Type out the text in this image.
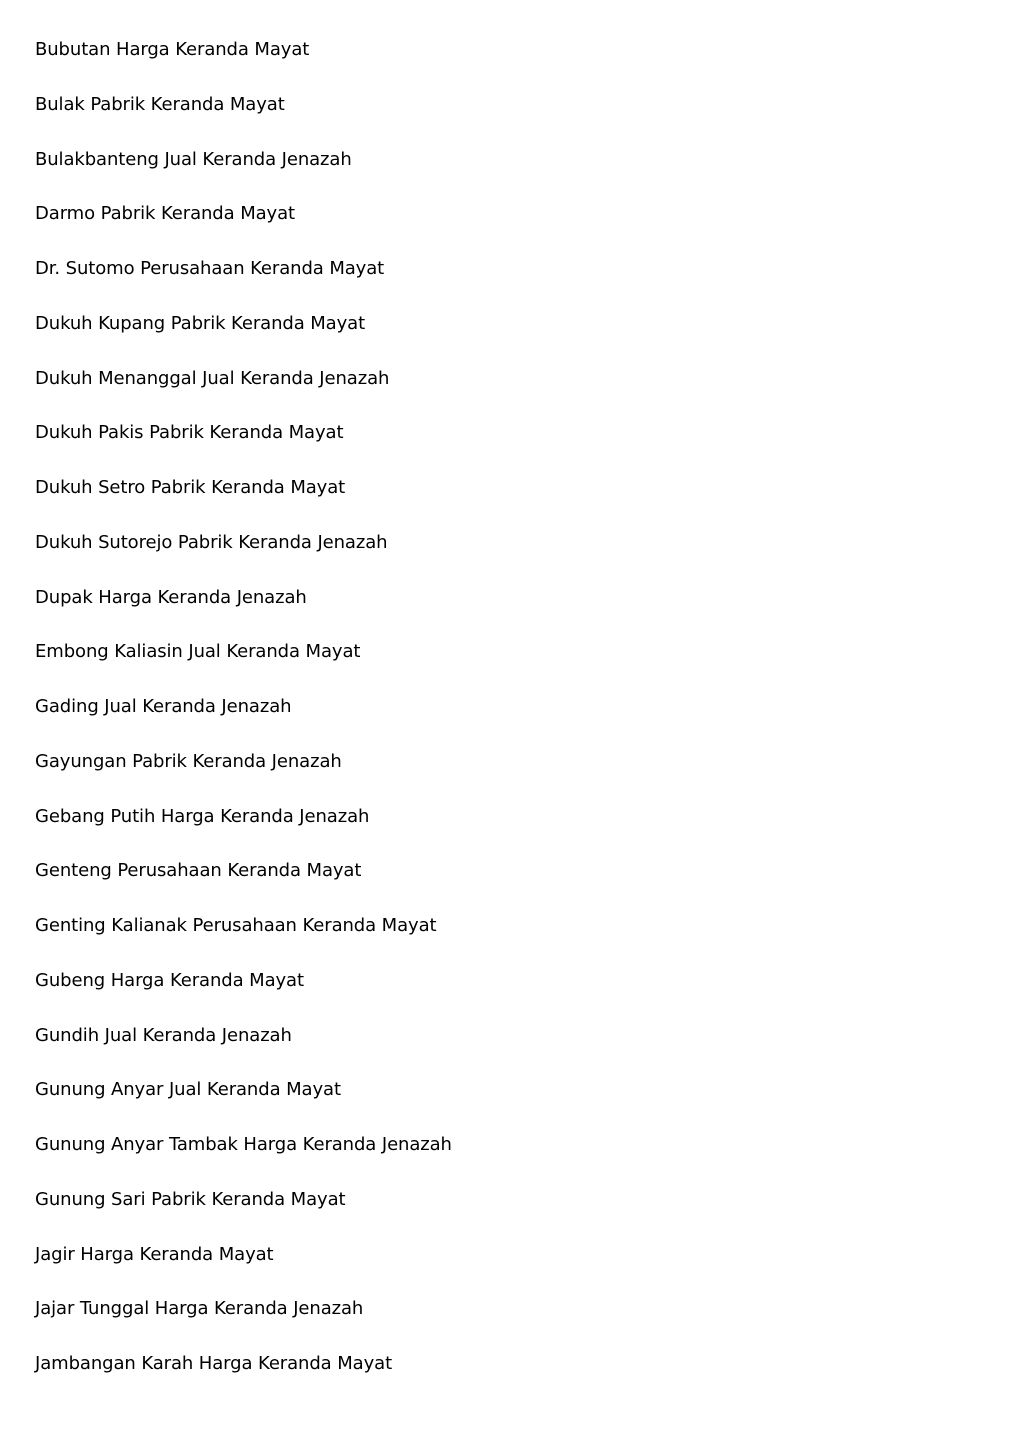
Bubutan Harga Keranda Mayat
Bulak Pabrik Keranda Mayat
Bulakbanteng Jual Keranda Jenazah
Darmo Pabrik Keranda Mayat
Dr. Sutomo Perusahaan Keranda Mayat
Dukuh Kupang Pabrik Keranda Mayat
Dukuh Menanggal Jual Keranda Jenazah
Dukuh Pakis Pabrik Keranda Mayat
Dukuh Setro Pabrik Keranda Mayat
Dukuh Sutorejo Pabrik Keranda Jenazah
Dupak Harga Keranda Jenazah
Embong Kaliasin Jual Keranda Mayat
Gading Jual Keranda Jenazah
Gayungan Pabrik Keranda Jenazah
Gebang Putih Harga Keranda Jenazah
Genteng Perusahaan Keranda Mayat
Genting Kalianak Perusahaan Keranda Mayat
Gubeng Harga Keranda Mayat
Gundih Jual Keranda Jenazah
Gunung Anyar Jual Keranda Mayat
Gunung Anyar Tambak Harga Keranda Jenazah
Gunung Sari Pabrik Keranda Mayat
Jagir Harga Keranda Mayat
Jajar Tunggal Harga Keranda Jenazah
Jambangan Karah Harga Keranda Mayat
